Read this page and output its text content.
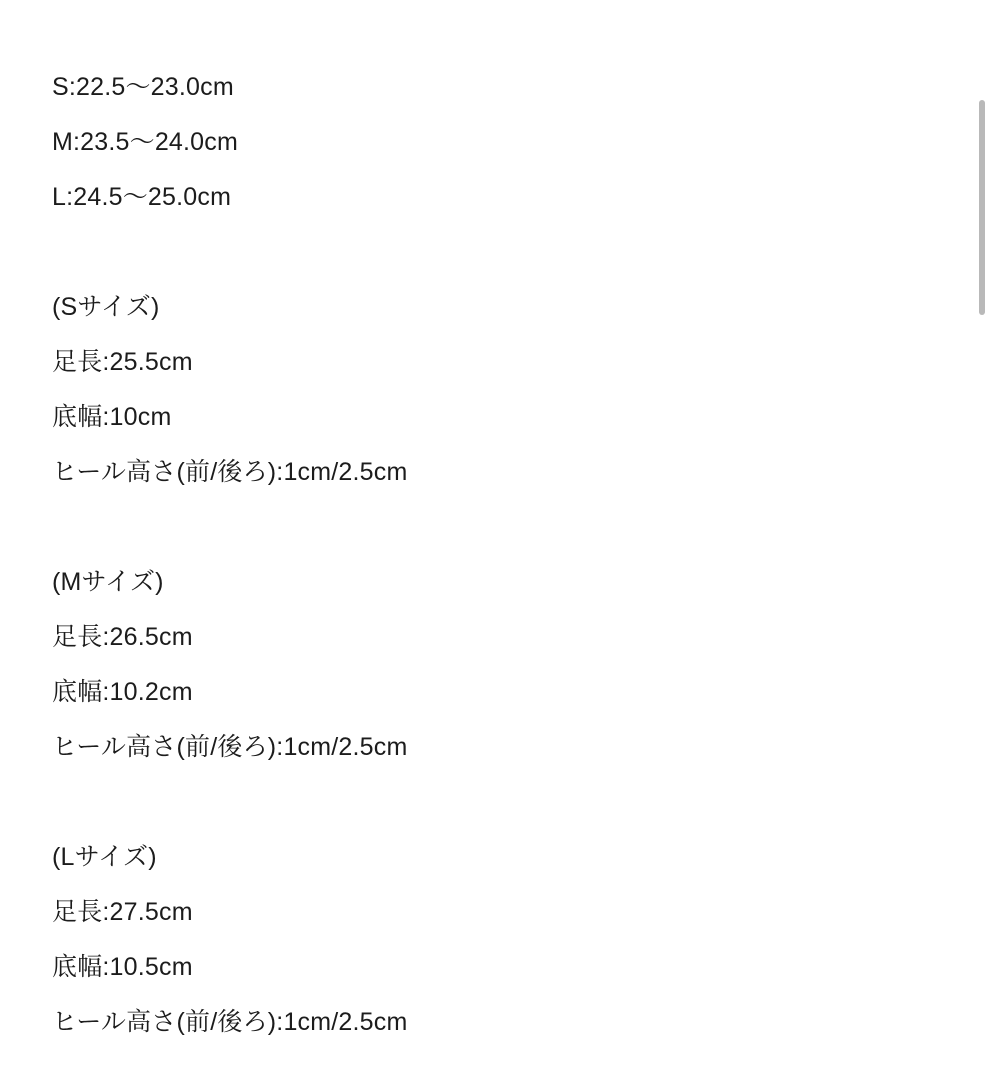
S:22.5〜23.0cm
M:23.5〜24.0cm
L:24.5〜25.0cm
(Sサイズ)
足長:25.5cm
底幅:10cm
ヒール高さ(前/後ろ):1cm/2.5cm
(Mサイズ)
足長:26.5cm
底幅:10.2cm
ヒール高さ(前/後ろ):1cm/2.5cm
(Lサイズ)
足長:27.5cm
底幅:10.5cm
ヒール高さ(前/後ろ):1cm/2.5cm
